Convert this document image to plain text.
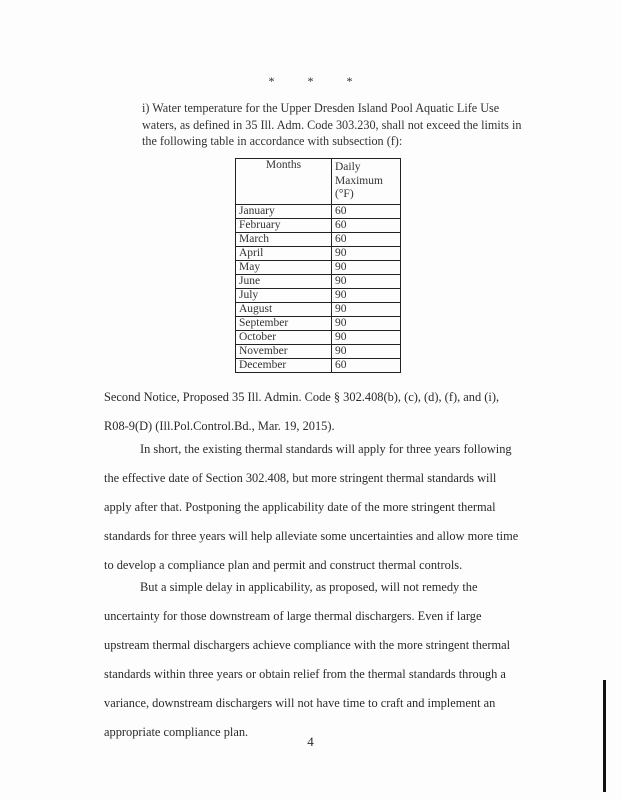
*	*	*
i) Water temperature for the Upper Dresden Island Pool Aquatic Life Use waters, as defined in 35 Ill. Adm. Code 303.230, shall not exceed the limits in the following table in accordance with subsection (f):
Months	Daily
Maximum
(°F)
January	60
February	60
March	60
April	90
May	90
June	90
July	90
August	90
September	90
October	90
November	90
December	60
Second Notice, Proposed 35 Ill. Admin. Code § 302.408(b), (c), (d), (f), and (i), R08-9(D) (Ill.Pol.Control.Bd., Mar. 19, 2015).

In short, the existing thermal standards will apply for three years following the effective date of Section 302.408, but more stringent thermal standards will apply after that. Postponing the applicability date of the more stringent thermal standards for three years will help alleviate some uncertainties and allow more time to develop a compliance plan and permit and construct thermal controls.

But a simple delay in applicability, as proposed, will not remedy the uncertainty for those downstream of large thermal dischargers. Even if large upstream thermal dischargers achieve compliance with the more stringent thermal standards within three years or obtain relief from the thermal standards through a variance, downstream dischargers will not have time to craft and implement an appropriate compliance plan.

4
